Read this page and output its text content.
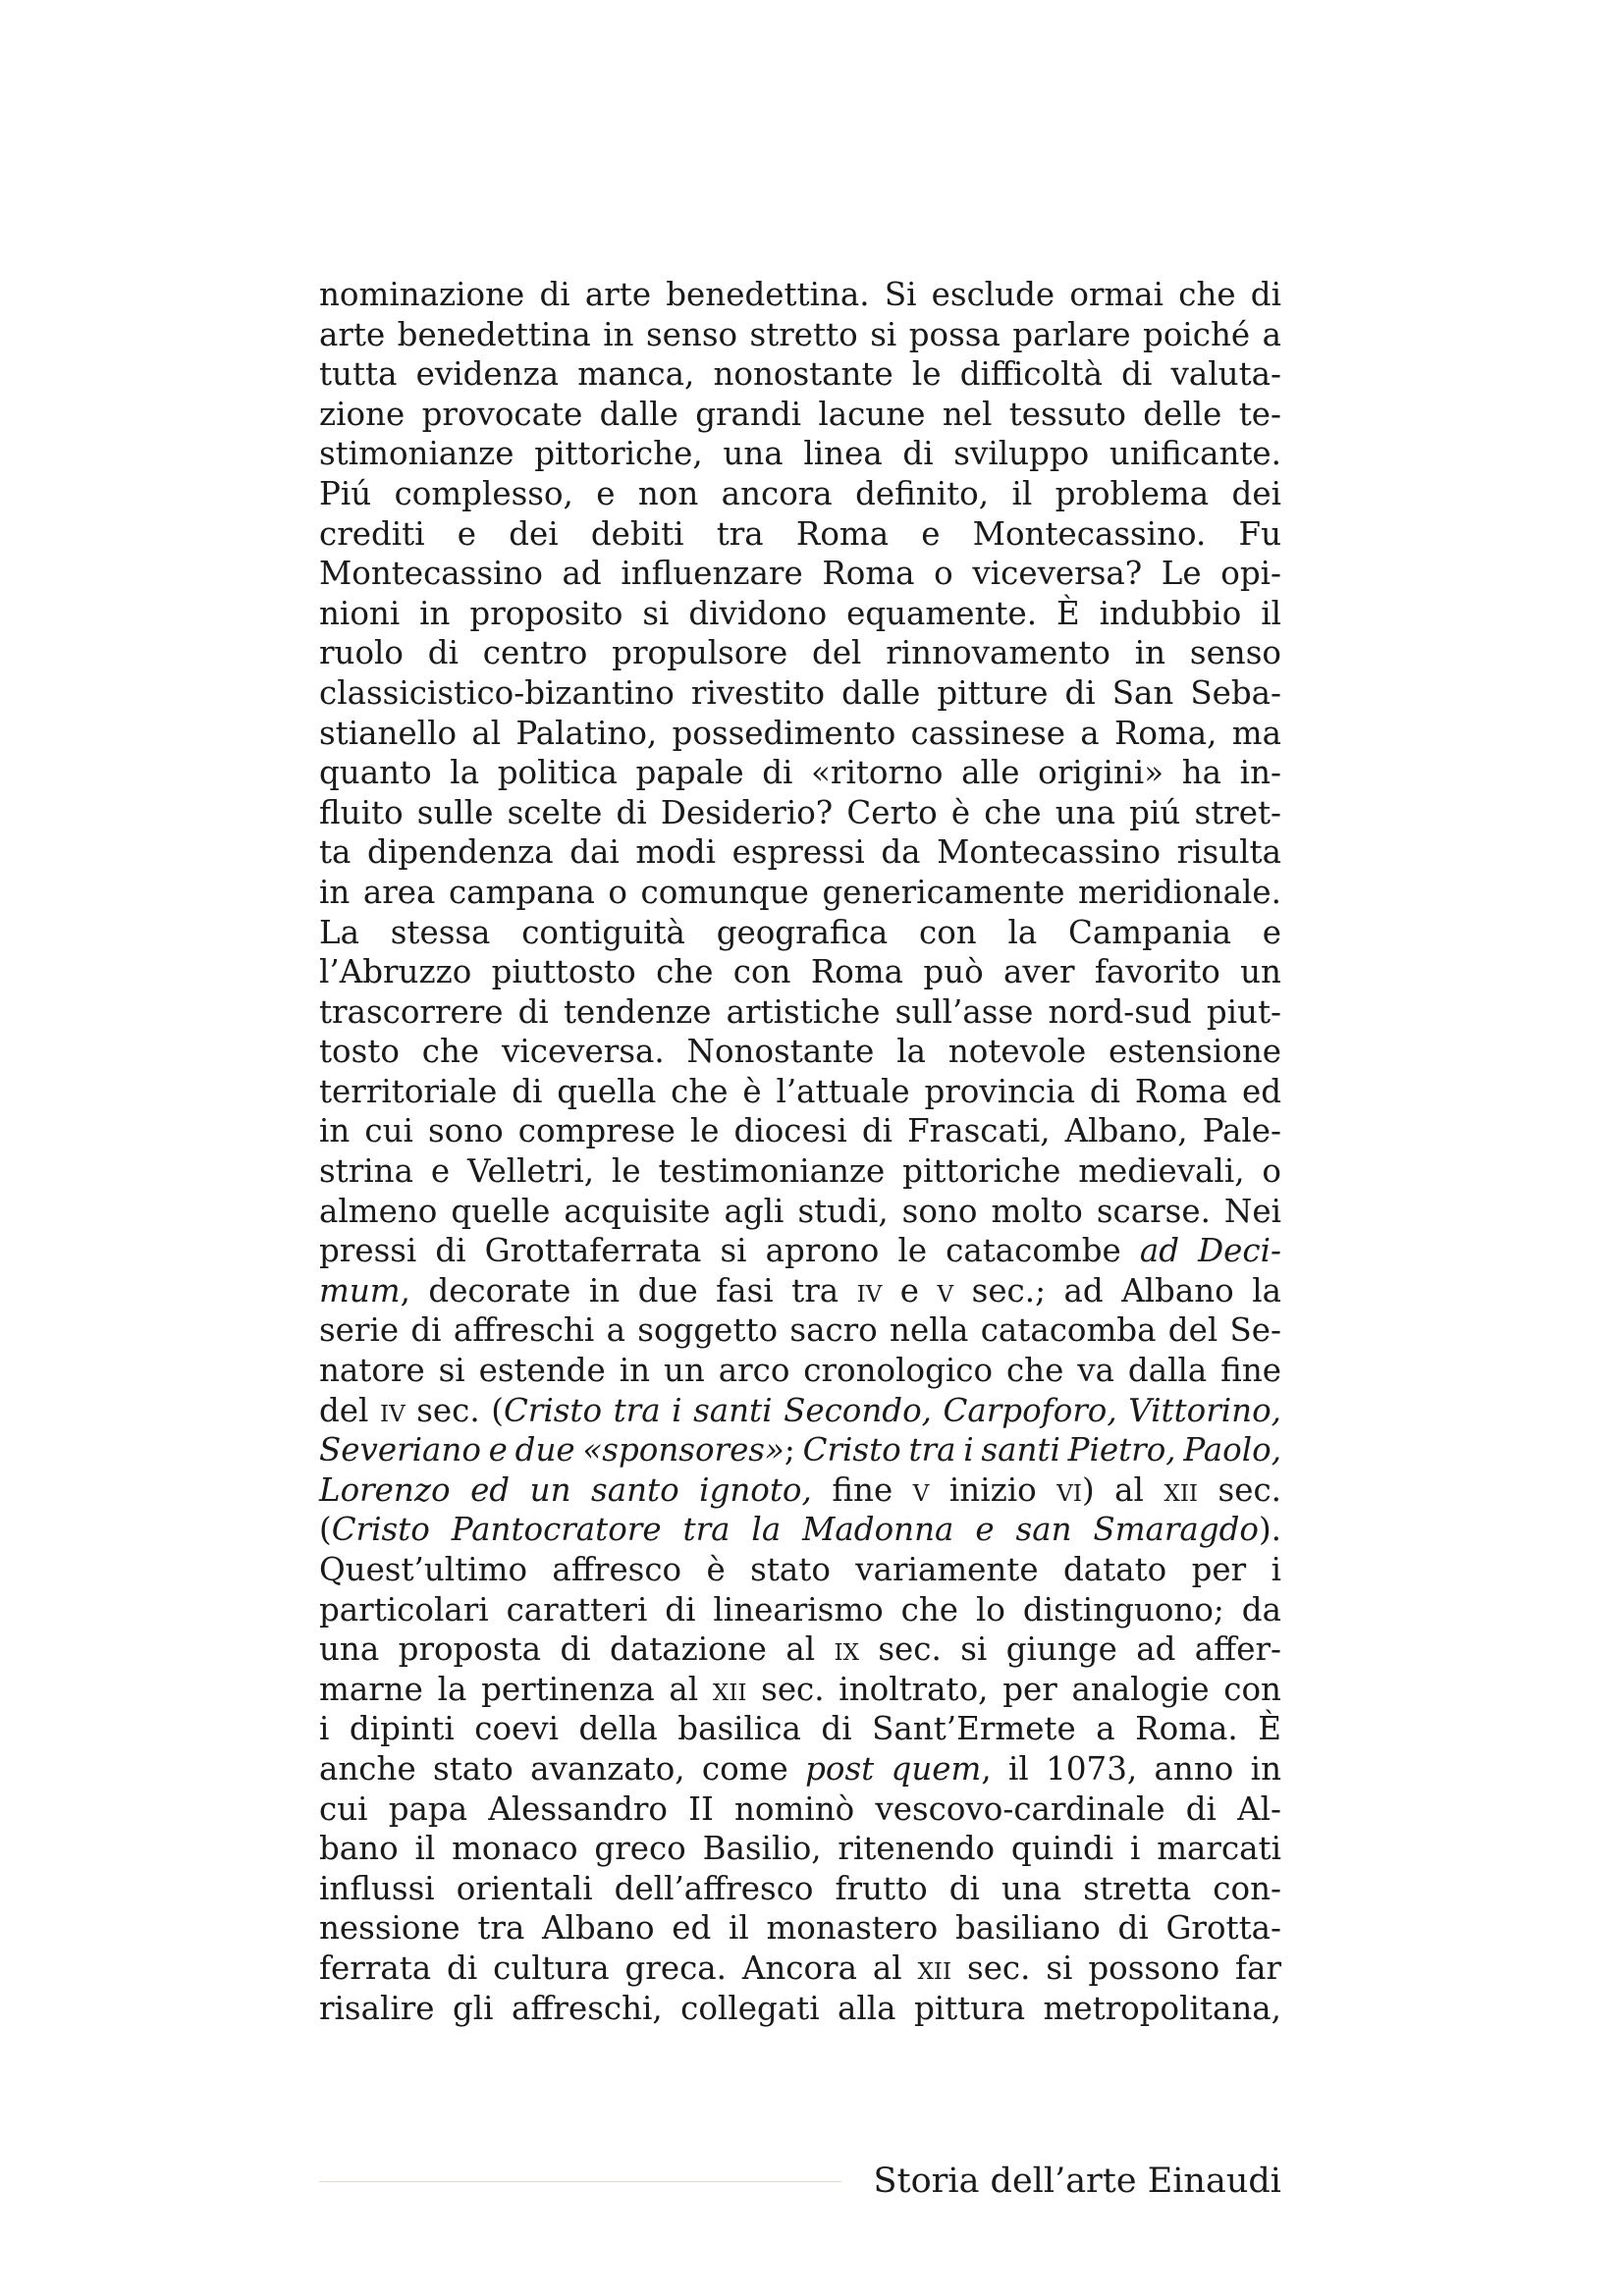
nominazione di arte benedettina. Si esclude ormai che di
arte benedettina in senso stretto si possa parlare poiché a
tutta evidenza manca, nonostante le difficoltà di valuta-
zione provocate dalle grandi lacune nel tessuto delle te-
stimonianze pittoriche, una linea di sviluppo unificante.
Piú complesso, e non ancora definito, il problema dei
crediti e dei debiti tra Roma e Montecassino. Fu
Montecassino ad influenzare Roma o viceversa? Le opi-
nioni in proposito si dividono equamente. È indubbio il
ruolo di centro propulsore del rinnovamento in senso
classicistico-bizantino rivestito dalle pitture di San Seba-
stianello al Palatino, possedimento cassinese a Roma, ma
quanto la politica papale di «ritorno alle origini» ha in-
fluito sulle scelte di Desiderio? Certo è che una piú stret-
ta dipendenza dai modi espressi da Montecassino risulta
in area campana o comunque genericamente meridionale.
La stessa contiguità geografica con la Campania e
l’Abruzzo piuttosto che con Roma può aver favorito un
trascorrere di tendenze artistiche sull’asse nord-sud piut-
tosto che viceversa. Nonostante la notevole estensione
territoriale di quella che è l’attuale provincia di Roma ed
in cui sono comprese le diocesi di Frascati, Albano, Pale-
strina e Velletri, le testimonianze pittoriche medievali, o
almeno quelle acquisite agli studi, sono molto scarse. Nei
pressi di Grottaferrata si aprono le catacombe ad Deci-
mum, decorate in due fasi tra iv e v sec.; ad Albano la
serie di affreschi a soggetto sacro nella catacomba del Se-
natore si estende in un arco cronologico che va dalla fine
del iv sec. (Cristo tra i santi Secondo, Carpoforo, Vittorino,
Severiano e due «sponsores»; Cristo tra i santi Pietro, Paolo,
Lorenzo ed un santo ignoto, fine v inizio vi) al xii sec.
(Cristo Pantocratore tra la Madonna e san Smaragdo).
Quest’ultimo affresco è stato variamente datato per i
particolari caratteri di linearismo che lo distinguono; da
una proposta di datazione al ix sec. si giunge ad affer-
marne la pertinenza al xii sec. inoltrato, per analogie con
i dipinti coevi della basilica di Sant’Ermete a Roma. È
anche stato avanzato, come post quem, il 1073, anno in
cui papa Alessandro II nominò vescovo-cardinale di Al-
bano il monaco greco Basilio, ritenendo quindi i marcati
influssi orientali dell’affresco frutto di una stretta con-
nessione tra Albano ed il monastero basiliano di Grotta-
ferrata di cultura greca. Ancora al xii sec. si possono far
risalire gli affreschi, collegati alla pittura metropolitana,
Storia dell’arte Einaudi
